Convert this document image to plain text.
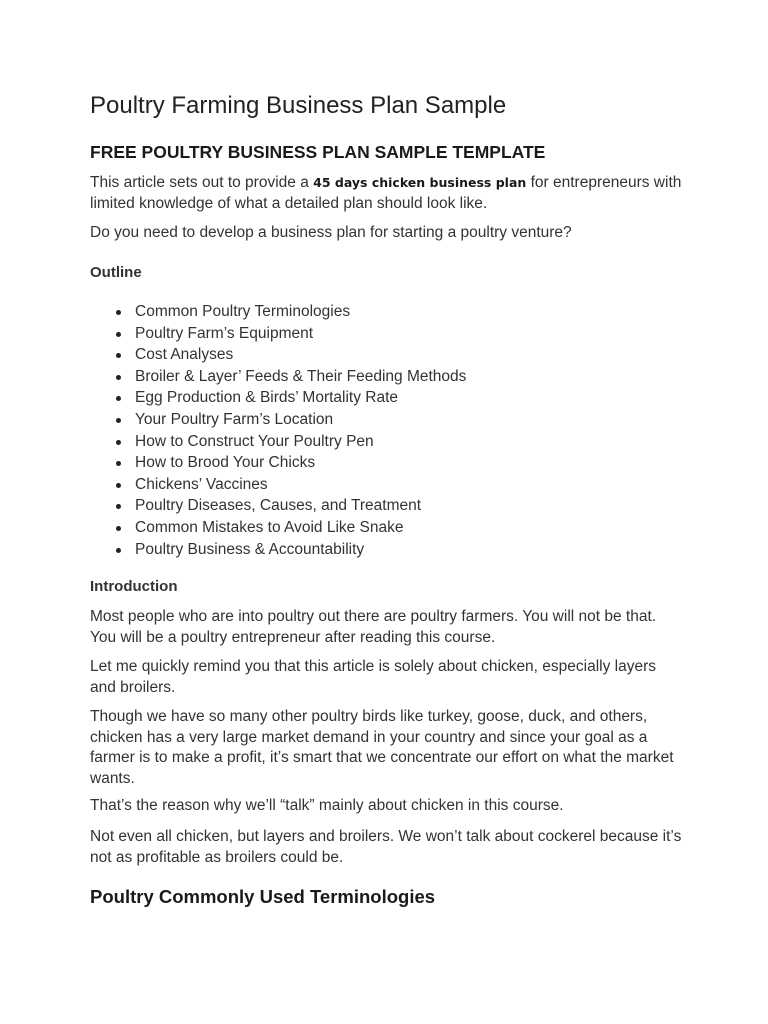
Poultry Farming Business Plan Sample
FREE POULTRY BUSINESS PLAN SAMPLE TEMPLATE

This article sets out to provide a 45 days chicken business plan for entrepreneurs with limited knowledge of what a detailed plan should look like.

Do you need to develop a business plan for starting a poultry venture?

Outline
Common Poultry Terminologies
Poultry Farm’s Equipment
Cost Analyses
Broiler & Layer’ Feeds & Their Feeding Methods
Egg Production & Birds’ Mortality Rate
Your Poultry Farm’s Location
How to Construct Your Poultry Pen
How to Brood Your Chicks
Chickens’ Vaccines
Poultry Diseases, Causes, and Treatment
Common Mistakes to Avoid Like Snake
Poultry Business & Accountability
Introduction

Most people who are into poultry out there are poultry farmers. You will not be that. You will be a poultry entrepreneur after reading this course.

Let me quickly remind you that this article is solely about chicken, especially layers and broilers.

Though we have so many other poultry birds like turkey, goose, duck, and others, chicken has a very large market demand in your country and since your goal as a farmer is to make a profit, it’s smart that we concentrate our effort on what the market wants.

That’s the reason why we’ll “talk” mainly about chicken in this course.

Not even all chicken, but layers and broilers. We won’t talk about cockerel because it’s not as profitable as broilers could be.

Poultry Commonly Used Terminologies
